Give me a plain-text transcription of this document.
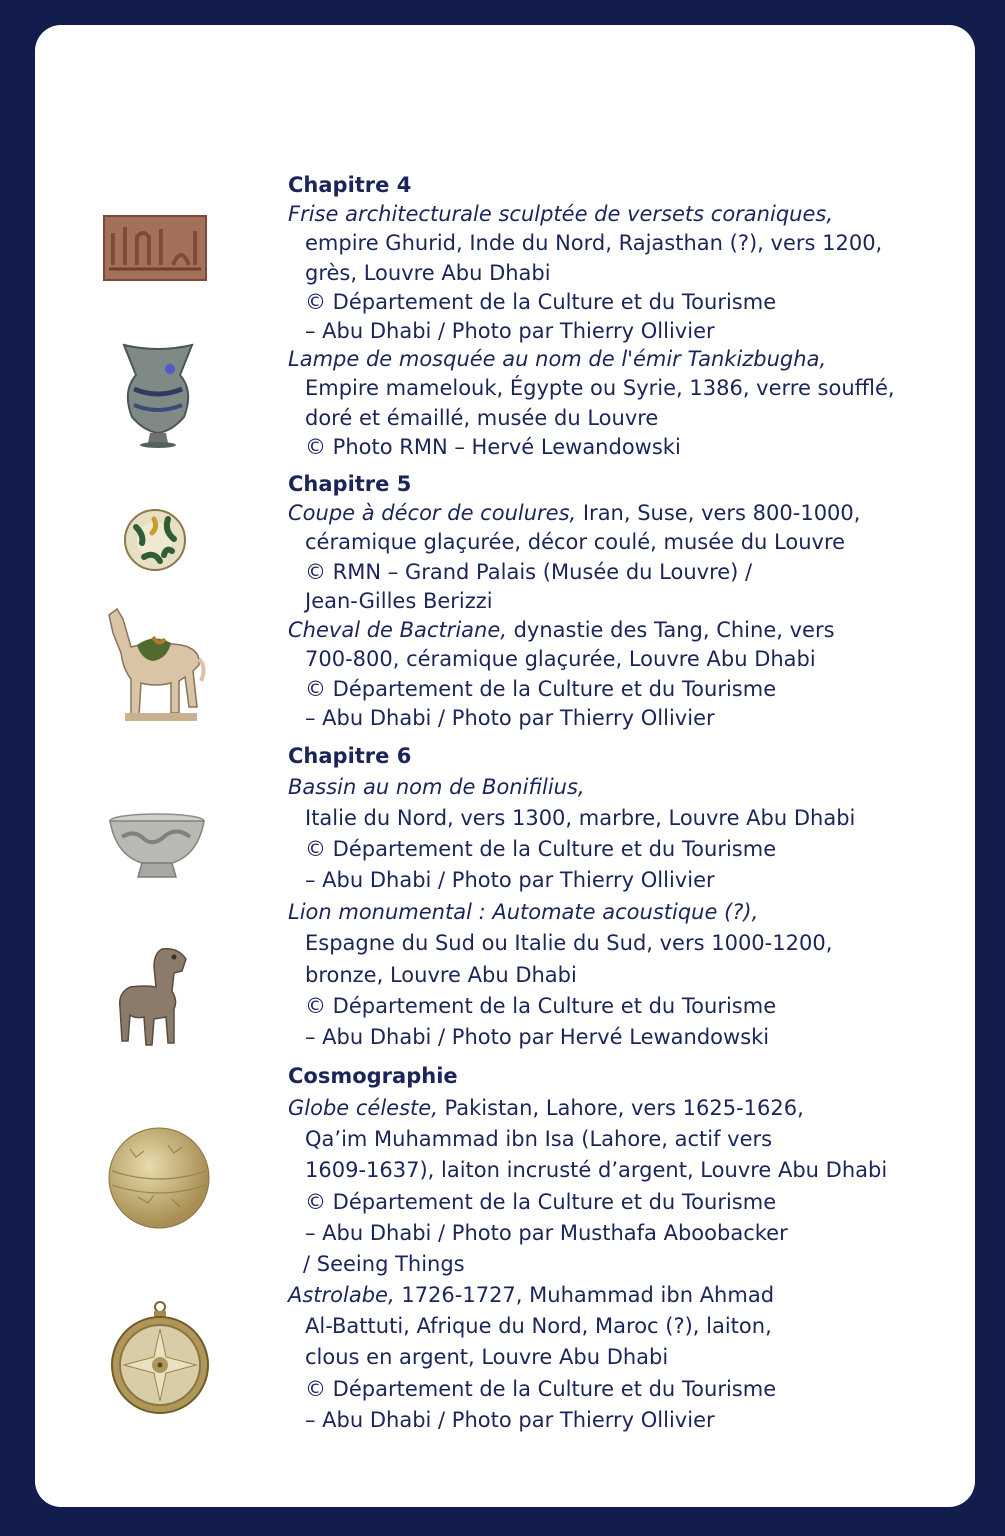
Chapitre 4
Frise architecturale sculptée de versets coraniques,
empire Ghurid, Inde du Nord, Rajasthan (?), vers 1200,
grès, Louvre Abu Dhabi
© Département de la Culture et du Tourisme
– Abu Dhabi / Photo par Thierry Ollivier
Lampe de mosquée au nom de l'émir Tankizbugha,
Empire mamelouk, Égypte ou Syrie, 1386, verre soufflé,
doré et émaillé, musée du Louvre
© Photo RMN – Hervé Lewandowski
Chapitre 5
Coupe à décor de coulures, Iran, Suse, vers 800-1000,
céramique glaçurée, décor coulé, musée du Louvre
© RMN – Grand Palais (Musée du Louvre) /
Jean-Gilles Berizzi
Cheval de Bactriane, dynastie des Tang, Chine, vers
700-800, céramique glaçurée, Louvre Abu Dhabi
© Département de la Culture et du Tourisme
– Abu Dhabi / Photo par Thierry Ollivier
Chapitre 6
Bassin au nom de Bonifilius,
Italie du Nord, vers 1300, marbre, Louvre Abu Dhabi
© Département de la Culture et du Tourisme
– Abu Dhabi / Photo par Thierry Ollivier
Lion monumental : Automate acoustique (?),
Espagne du Sud ou Italie du Sud, vers 1000-1200,
bronze, Louvre Abu Dhabi
© Département de la Culture et du Tourisme
– Abu Dhabi / Photo par Hervé Lewandowski
Cosmographie
Globe céleste, Pakistan, Lahore, vers 1625-1626,
Qa’im Muhammad ibn Isa (Lahore, actif vers
1609-1637), laiton incrusté d’argent, Louvre Abu Dhabi
© Département de la Culture et du Tourisme
– Abu Dhabi / Photo par Musthafa Aboobacker
/ Seeing Things
Astrolabe, 1726-1727, Muhammad ibn Ahmad
Al-Battuti, Afrique du Nord, Maroc (?), laiton,
clous en argent, Louvre Abu Dhabi
© Département de la Culture et du Tourisme
– Abu Dhabi / Photo par Thierry Ollivier
